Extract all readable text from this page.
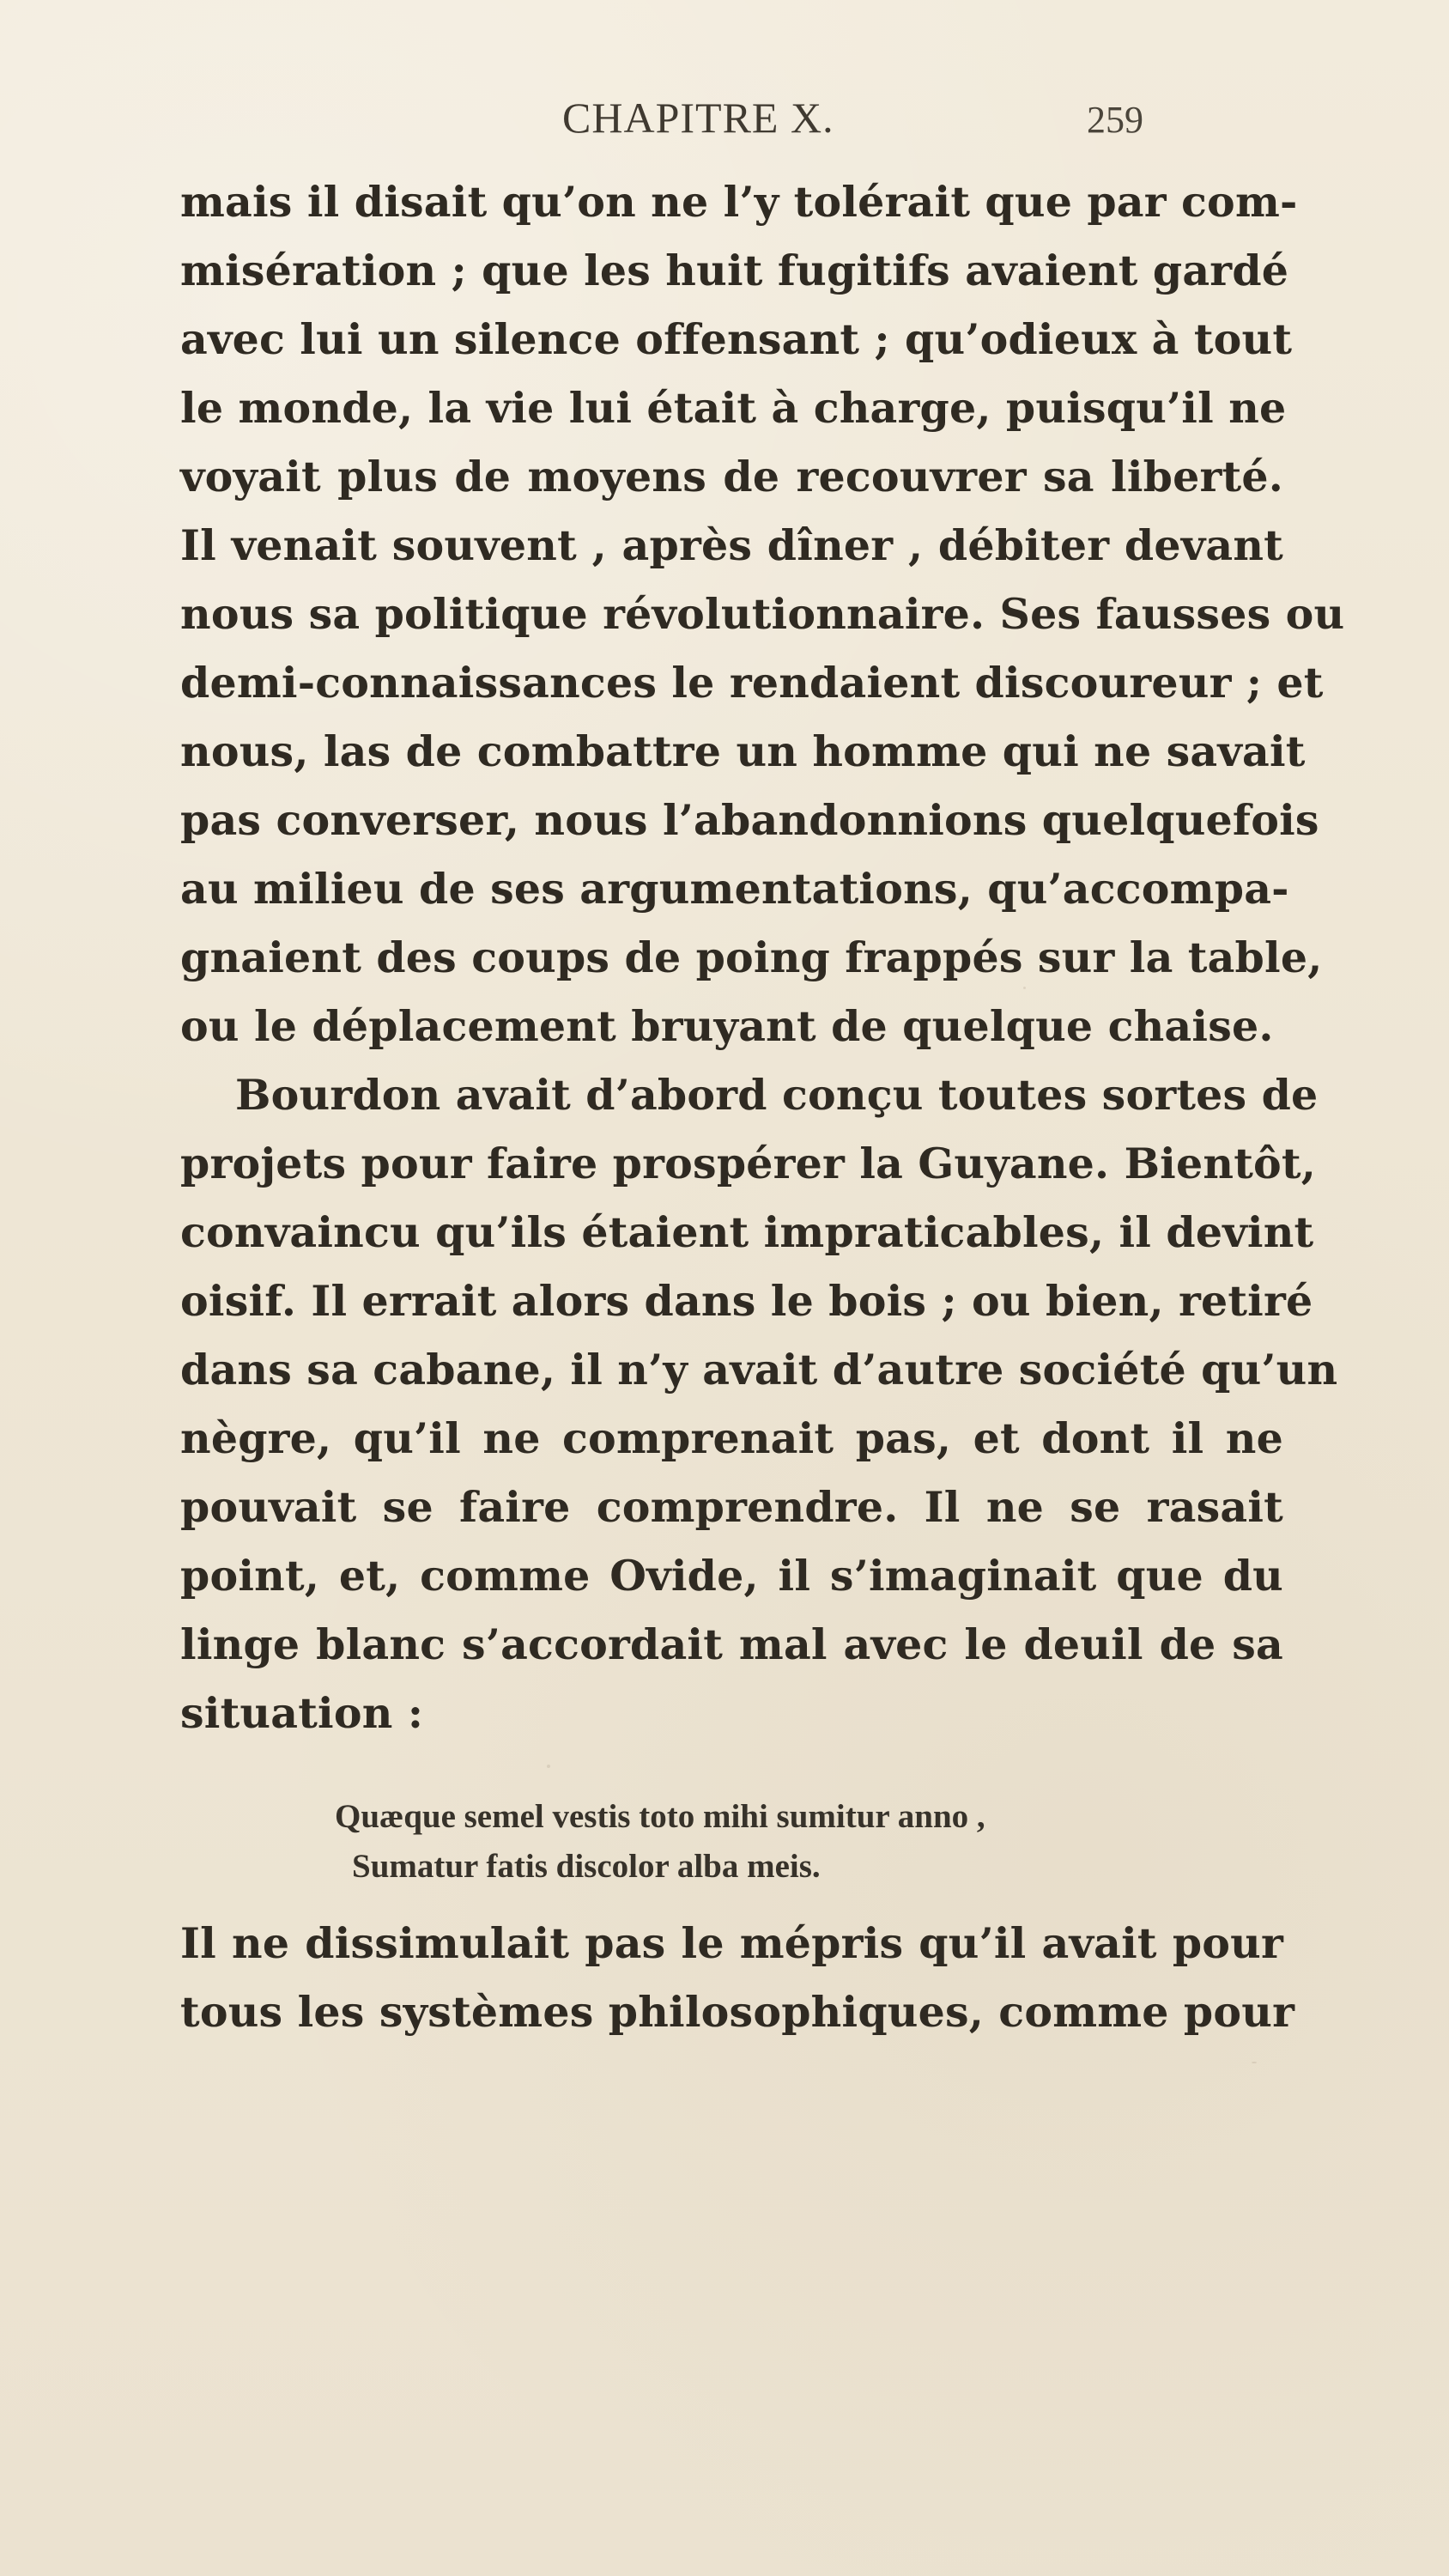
CHAPITRE X.	259
mais il disait qu’on ne l’y tolérait que par com-
misération ; que les huit fugitifs avaient gardé
avec lui un silence offensant ; qu’odieux à tout
le monde, la vie lui était à charge, puisqu’il ne
voyait plus de moyens de recouvrer sa liberté.
Il venait souvent , après dîner , débiter devant
nous sa politique révolutionnaire. Ses fausses ou
demi-connaissances le rendaient discoureur ; et
nous, las de combattre un homme qui ne savait
pas converser, nous l’abandonnions quelquefois
au milieu de ses argumentations, qu’accompa-
gnaient des coups de poing frappés sur la table,
ou le déplacement bruyant de quelque chaise.
Bourdon avait d’abord conçu toutes sortes de
projets pour faire prospérer la Guyane. Bientôt,
convaincu qu’ils étaient impraticables, il devint
oisif. Il errait alors dans le bois ; ou bien, retiré
dans sa cabane, il n’y avait d’autre société qu’un
nègre, qu’il ne comprenait pas, et dont il ne
pouvait se faire comprendre. Il ne se rasait
point, et, comme Ovide, il s’imaginait que du
linge blanc s’accordait mal avec le deuil de sa
situation :
Quæque semel vestis toto mihi sumitur anno ,
Sumatur fatis discolor alba meis.
Il ne dissimulait pas le mépris qu’il avait pour
tous les systèmes philosophiques, comme pour
